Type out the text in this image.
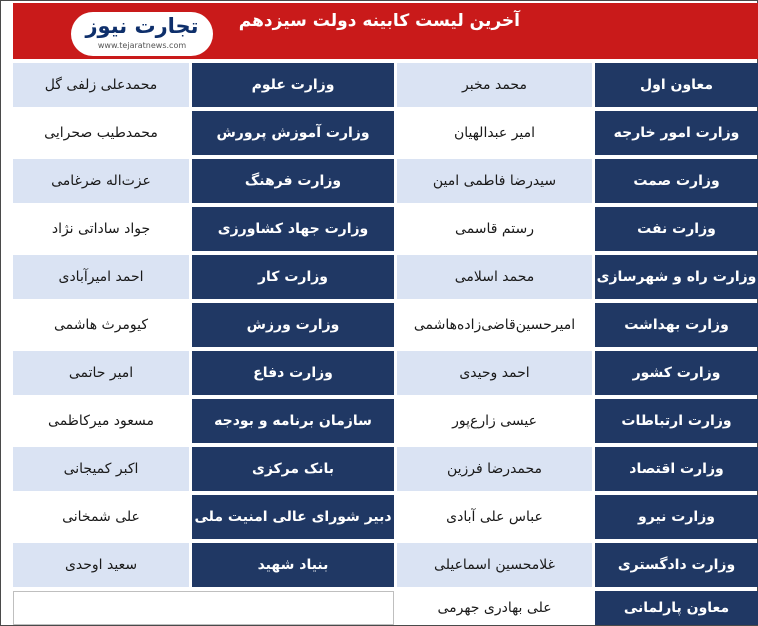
تجارت نیوز
www.tejaratnews.com
آخرین لیست کابینه دولت سیزدهم
معاون اول
محمد مخبر
وزارت علوم
محمدعلی زلفی گل
وزارت امور خارجه
امیر عبدالهیان
وزارت آموزش پرورش
محمدطیب صحرایی
وزارت صمت
سیدرضا فاطمی امین
وزارت فرهنگ
عزت‌اله ضرغامی
وزارت نفت
رستم قاسمی
وزارت جهاد کشاورزی
جواد ساداتی نژاد
وزارت راه و شهرسازی
محمد اسلامی
وزارت کار
احمد امیرآبادی
وزارت بهداشت
امیرحسین‌قاضی‌زاده‌هاشمی
وزارت ورزش
کیومرث هاشمی
وزارت کشور
احمد وحیدی
وزارت دفاع
امیر حاتمی
وزارت ارتباطات
عیسی زارع‌پور
سازمان برنامه و بودجه
مسعود میرکاظمی
وزارت اقتصاد
محمدرضا فرزین
بانک مرکزی
اکبر کمیجانی
وزارت نیرو
عباس علی آبادی
دبیر شورای عالی امنیت ملی
علی شمخانی
وزارت دادگستری
غلامحسین اسماعیلی
بنیاد شهید
سعید اوحدی
معاون پارلمانی
علی بهادری جهرمی
